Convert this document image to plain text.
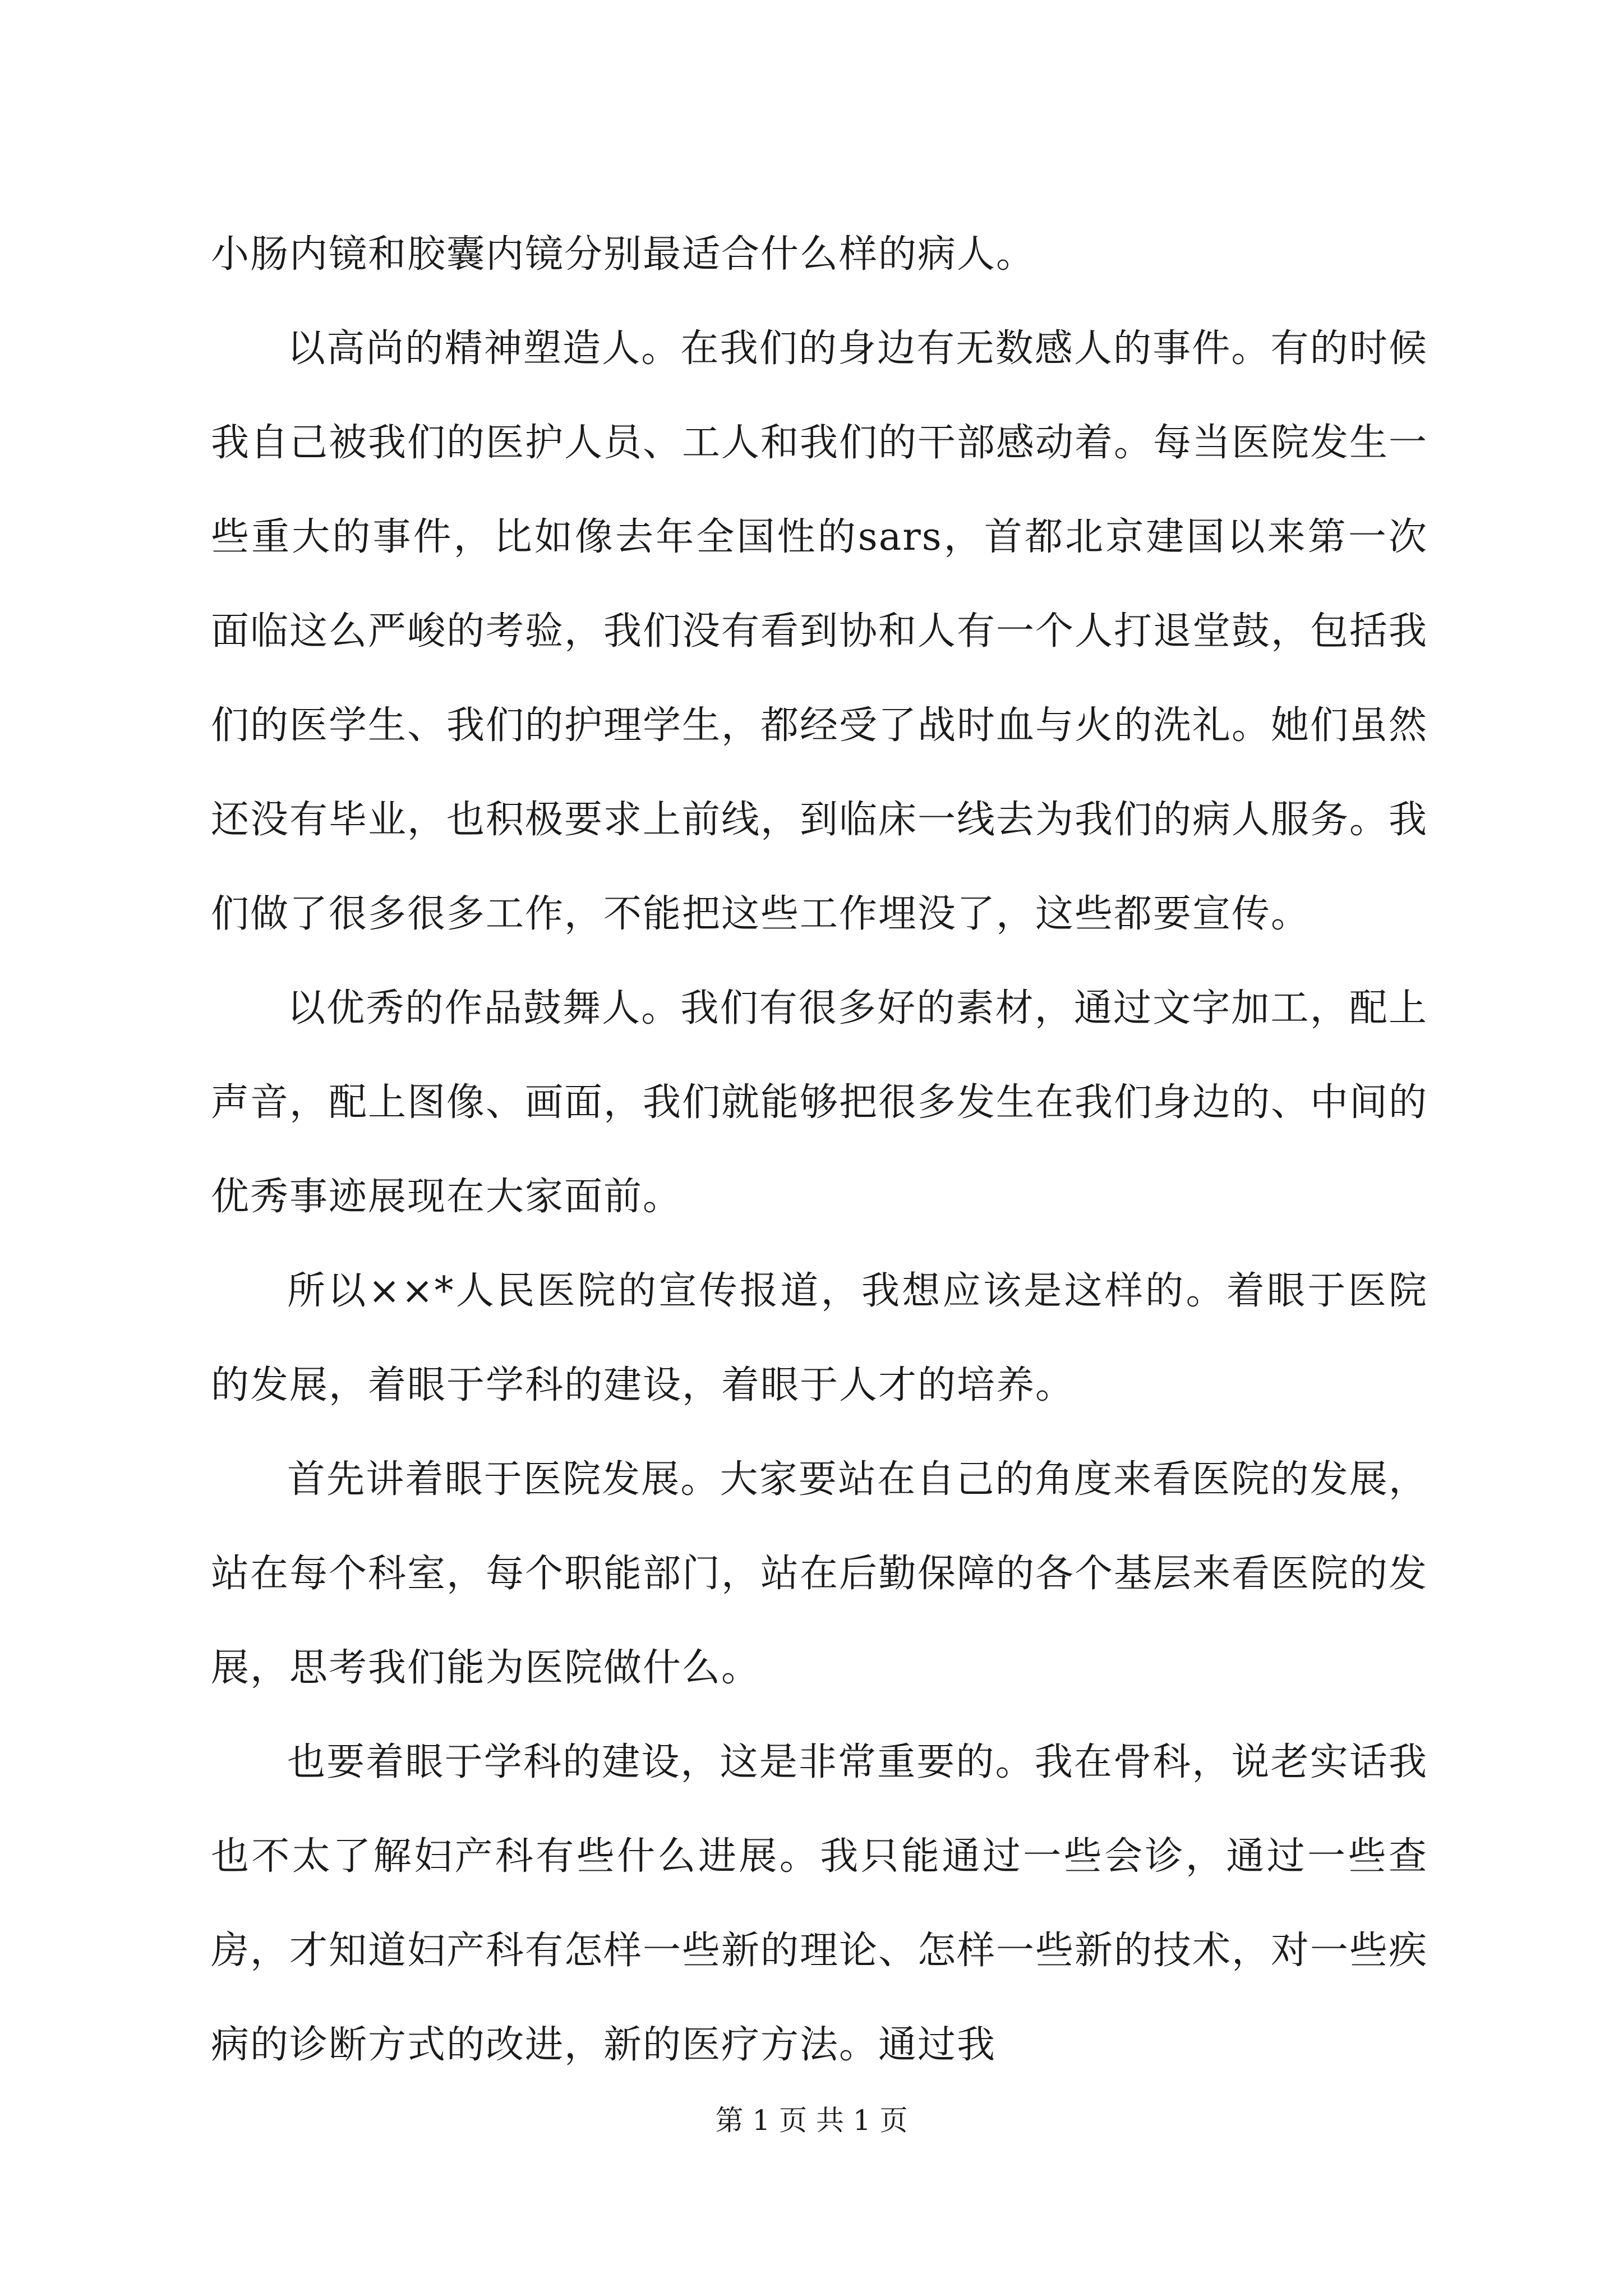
小肠内镜和胶囊内镜分别最适合什么样的病人。

以高尚的精神塑造人。在我们的身边有无数感人的事件。有的时候我自己被我们的医护人员、工人和我们的干部感动着。每当医院发生一些重大的事件，比如像去年全国性的sars，首都北京建国以来第一次面临这么严峻的考验，我们没有看到协和人有一个人打退堂鼓，包括我们的医学生、我们的护理学生，都经受了战时血与火的洗礼。她们虽然还没有毕业，也积极要求上前线，到临床一线去为我们的病人服务。我们做了很多很多工作，不能把这些工作埋没了，这些都要宣传。

以优秀的作品鼓舞人。我们有很多好的素材，通过文字加工，配上声音，配上图像、画面，我们就能够把很多发生在我们身边的、中间的优秀事迹展现在大家面前。

所以××*人民医院的宣传报道，我想应该是这样的。着眼于医院的发展，着眼于学科的建设，着眼于人才的培养。

首先讲着眼于医院发展。大家要站在自己的角度来看医院的发展，站在每个科室，每个职能部门，站在后勤保障的各个基层来看医院的发展，思考我们能为医院做什么。

也要着眼于学科的建设，这是非常重要的。我在骨科，说老实话我也不太了解妇产科有些什么进展。我只能通过一些会诊，通过一些查房，才知道妇产科有怎样一些新的理论、怎样一些新的技术，对一些疾病的诊断方式的改进，新的医疗方法。通过我

第 1 页 共 1 页
